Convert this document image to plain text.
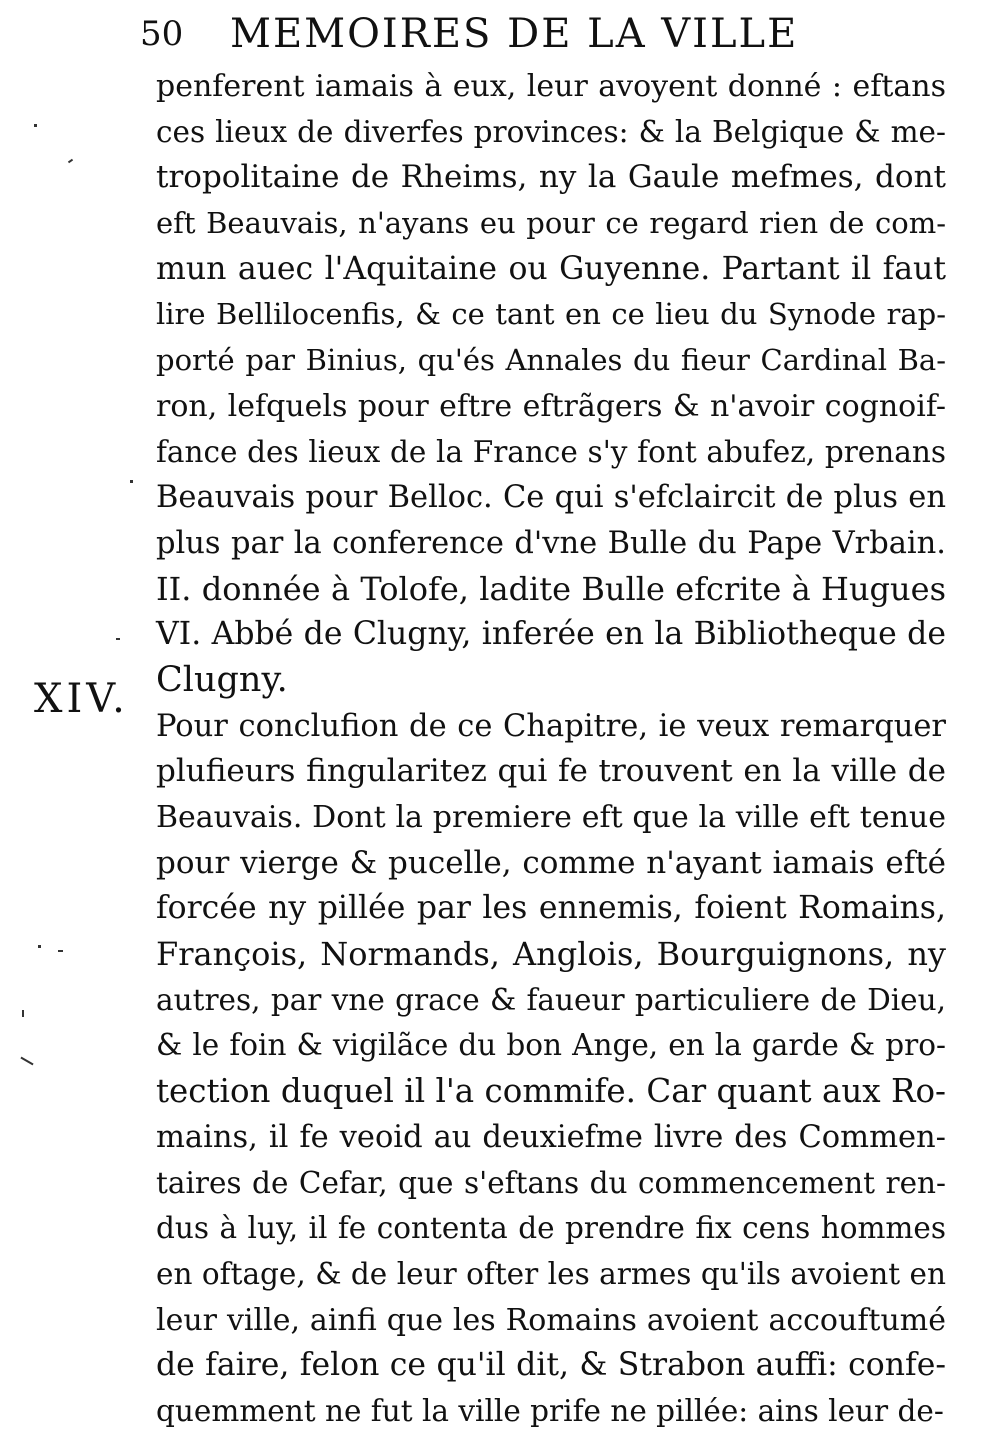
50 MEMOIRES DE LA VILLE
XIV.
penferent iamais à eux, leur avoyent donné : eftans
ces lieux de diverfes provinces: & la Belgique & me-
tropolitaine de Rheims, ny la Gaule mefmes, dont
eft Beauvais, n'ayans eu pour ce regard rien de com-
mun auec l'Aquitaine ou Guyenne. Partant il faut
lire Bellilocenfis, & ce tant en ce lieu du Synode rap-
porté par Binius, qu'és Annales du fieur Cardinal Ba-
ron, lefquels pour eftre eftrãgers & n'avoir cognoif-
fance des lieux de la France s'y font abufez, prenans
Beauvais pour Belloc. Ce qui s'efclaircit de plus en
plus par la conference d'vne Bulle du Pape Vrbain.
II. donnée à Tolofe, ladite Bulle efcrite à Hugues
VI. Abbé de Clugny, inferée en la Bibliotheque de
Clugny.
Pour conclufion de ce Chapitre, ie veux remarquer
plufieurs fingularitez qui fe trouvent en la ville de
Beauvais. Dont la premiere eft que la ville eft tenue
pour vierge & pucelle, comme n'ayant iamais efté
forcée ny pillée par les ennemis, foient Romains,
François, Normands, Anglois, Bourguignons, ny
autres, par vne grace & faueur particuliere de Dieu,
& le foin & vigilãce du bon Ange, en la garde & pro-
tection duquel il l'a commife. Car quant aux Ro-
mains, il fe veoid au deuxiefme livre des Commen-
taires de Cefar, que s'eftans du commencement ren-
dus à luy, il fe contenta de prendre fix cens hommes
en oftage, & de leur ofter les armes qu'ils avoient en
leur ville, ainfi que les Romains avoient accouftumé
de faire, felon ce qu'il dit, & Strabon auffi: confe-
quemment ne fut la ville prife ne pillée: ains leur de-
